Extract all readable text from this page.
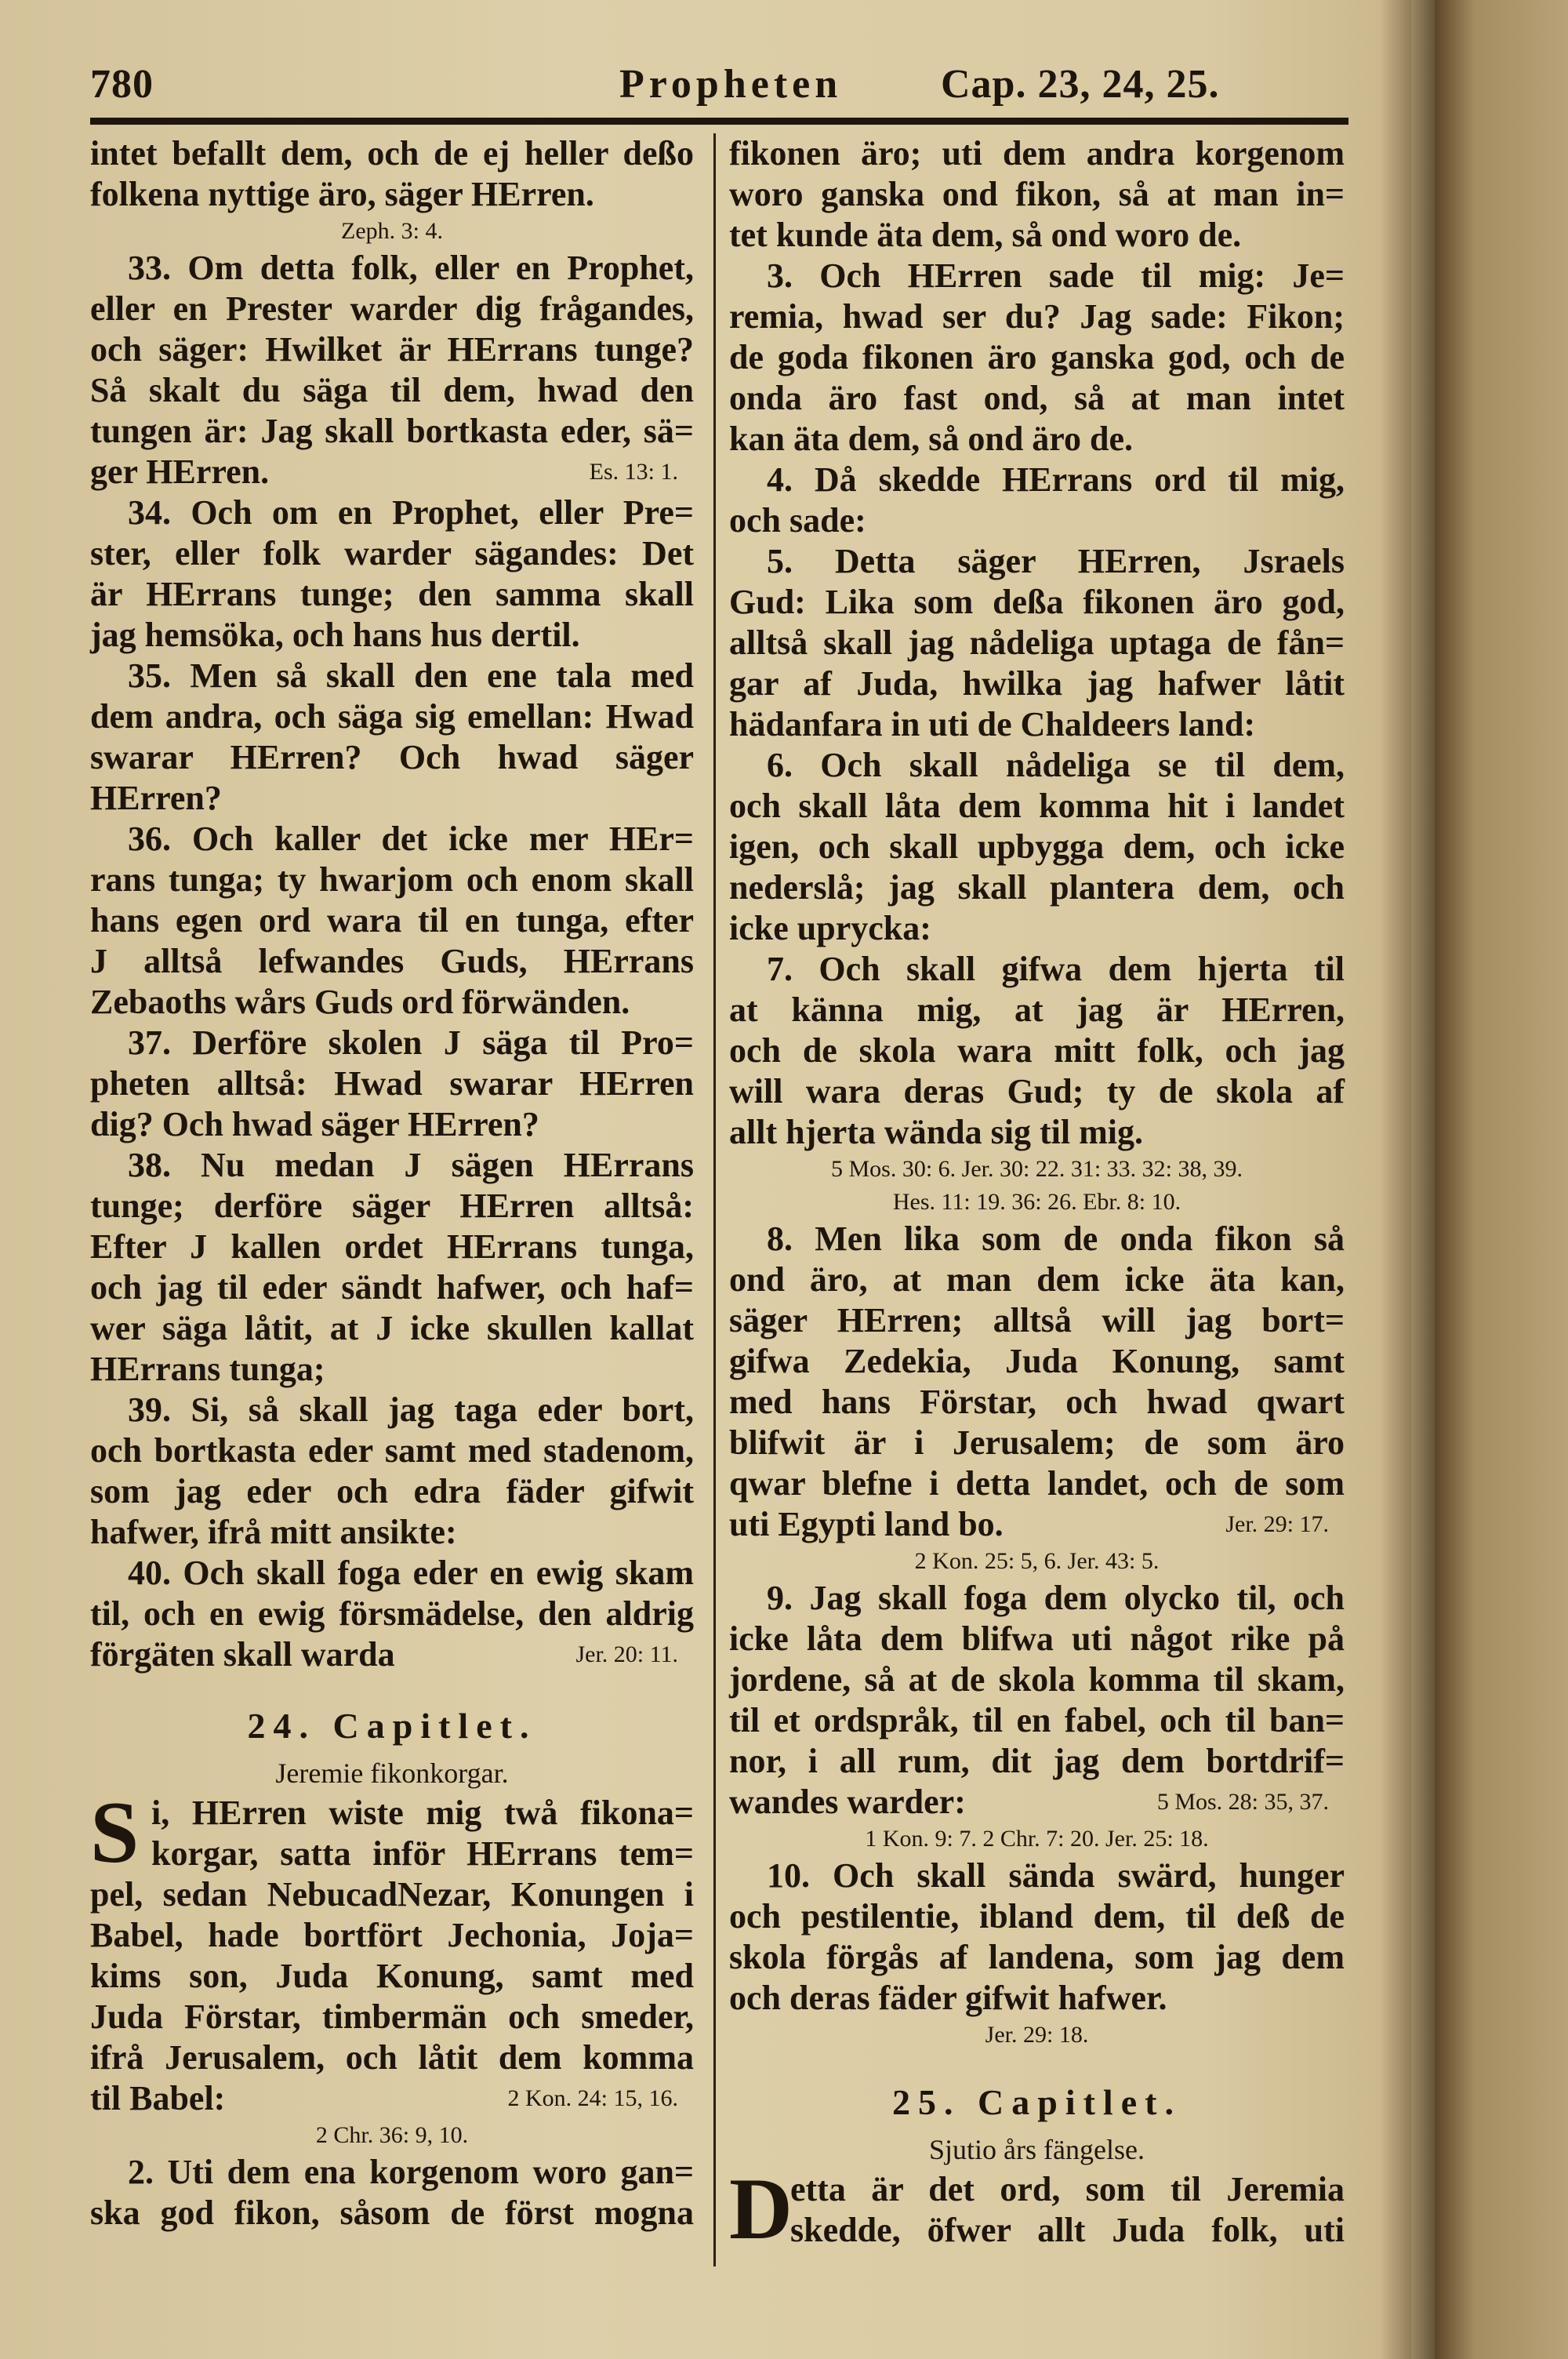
780	Propheten Cap. 23, 24, 25.
intet befallt dem, och de ej heller deßo
folkena nyttige äro, säger HErren.
Zeph. 3: 4.
33. Om detta folk, eller en Prophet,
eller en Prester warder dig frågandes,
och säger: Hwilket är HErrans tunge?
Så skalt du säga til dem, hwad den
tungen är: Jag skall bortkasta eder, sä=
ger HErren.	Es. 13: 1.
34. Och om en Prophet, eller Pre=
ster, eller folk warder sägandes: Det
är HErrans tunge; den samma skall
jag hemsöka, och hans hus dertil.
35. Men så skall den ene tala med
dem andra, och säga sig emellan: Hwad
swarar HErren? Och hwad säger
HErren?
36. Och kaller det icke mer HEr=
rans tunga; ty hwarjom och enom skall
hans egen ord wara til en tunga, efter
J alltså lefwandes Guds, HErrans
Zebaoths wårs Guds ord förwänden.
37. Derföre skolen J säga til Pro=
pheten alltså: Hwad swarar HErren
dig? Och hwad säger HErren?
38. Nu medan J sägen HErrans
tunge; derföre säger HErren alltså:
Efter J kallen ordet HErrans tunga,
och jag til eder sändt hafwer, och haf=
wer säga låtit, at J icke skullen kallat
HErrans tunga;
39. Si, så skall jag taga eder bort,
och bortkasta eder samt med stadenom,
som jag eder och edra fäder gifwit
hafwer, ifrå mitt ansikte:
40. Och skall foga eder en ewig skam
til, och en ewig försmädelse, den aldrig
förgäten skall warda	Jer. 20: 11.
24. Capitlet.
Jeremie fikonkorgar.
S i, HErren wiste mig twå fikona=
korgar, satta inför HErrans tem=
pel, sedan NebucadNezar, Konungen i
Babel, hade bortfört Jechonia, Joja=
kims son, Juda Konung, samt med
Juda Förstar, timbermän och smeder,
ifrå Jerusalem, och låtit dem komma
til Babel:	2 Kon. 24: 15, 16.
2 Chr. 36: 9, 10.
2. Uti dem ena korgenom woro gan=
ska god fikon, såsom de först mogna
fikonen äro; uti dem andra korgenom
woro ganska ond fikon, så at man in=
tet kunde äta dem, så ond woro de.
3. Och HErren sade til mig: Je=
remia, hwad ser du? Jag sade: Fikon;
de goda fikonen äro ganska god, och de
onda äro fast ond, så at man intet
kan äta dem, så ond äro de.
4. Då skedde HErrans ord til mig,
och sade:
5. Detta säger HErren, Jsraels
Gud: Lika som deßa fikonen äro god,
alltså skall jag nådeliga uptaga de fån=
gar af Juda, hwilka jag hafwer låtit
hädanfara in uti de Chaldeers land:
6. Och skall nådeliga se til dem,
och skall låta dem komma hit i landet
igen, och skall upbygga dem, och icke
nederslå; jag skall plantera dem, och
icke uprycka:
7. Och skall gifwa dem hjerta til
at känna mig, at jag är HErren,
och de skola wara mitt folk, och jag
will wara deras Gud; ty de skola af
allt hjerta wända sig til mig.
5 Mos. 30: 6. Jer. 30: 22. 31: 33. 32: 38, 39.
Hes. 11: 19. 36: 26. Ebr. 8: 10.
8. Men lika som de onda fikon så
ond äro, at man dem icke äta kan,
säger HErren; alltså will jag bort=
gifwa Zedekia, Juda Konung, samt
med hans Förstar, och hwad qwart
blifwit är i Jerusalem; de som äro
qwar blefne i detta landet, och de som
uti Egypti land bo.	Jer. 29: 17.
2 Kon. 25: 5, 6. Jer. 43: 5.
9. Jag skall foga dem olycko til, och
icke låta dem blifwa uti något rike på
jordene, så at de skola komma til skam,
til et ordspråk, til en fabel, och til ban=
nor, i all rum, dit jag dem bortdrif=
wandes warder:	5 Mos. 28: 35, 37.
1 Kon. 9: 7. 2 Chr. 7: 20. Jer. 25: 18.
10. Och skall sända swärd, hunger
och pestilentie, ibland dem, til deß de
skola förgås af landena, som jag dem
och deras fäder gifwit hafwer.
Jer. 29: 18.
25. Capitlet.
Sjutio års fängelse.
D
etta är det ord, som til Jeremia
skedde, öfwer allt Juda folk, uti
